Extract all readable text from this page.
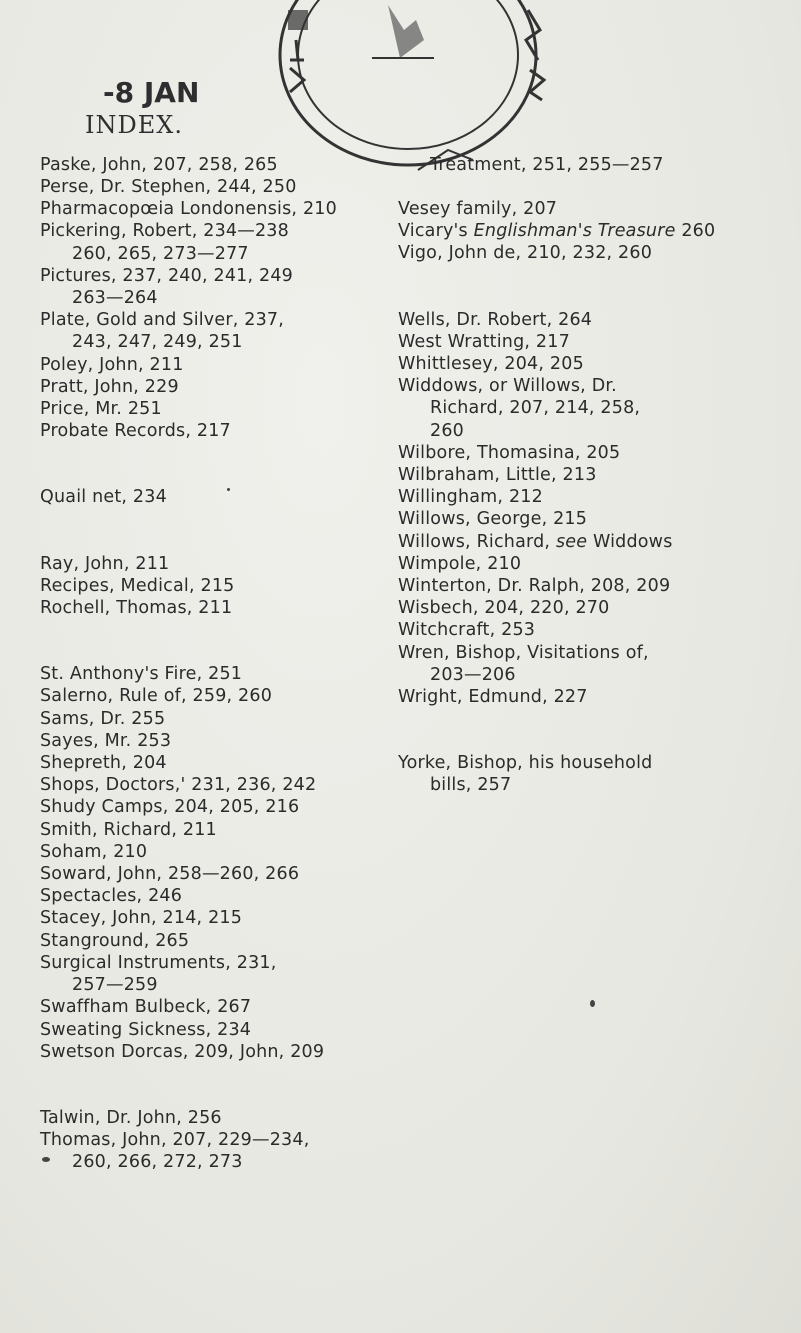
-8 JAN
INDEX.
Paske, John, 207, 258, 265	Treatment, 251, 255—257
Perse, Dr. Stephen, 244, 250
Pharmacopœia Londonensis, 210
Pickering, Robert, 234—238
260, 265, 273—277
Pictures, 237, 240, 241, 249
263—264
Plate, Gold and Silver, 237,
243, 247, 249, 251
Poley, John, 211
Pratt, John, 229
Price, Mr. 251
Probate Records, 217
Quail net, 234
Ray, John, 211
Recipes, Medical, 215
Rochell, Thomas, 211
St. Anthony's Fire, 251
Salerno, Rule of, 259, 260
Sams, Dr. 255
Sayes, Mr. 253
Shepreth, 204
Shops, Doctors,' 231, 236, 242
Shudy Camps, 204, 205, 216
Smith, Richard, 211
Soham, 210
Soward, John, 258—260, 266
Spectacles, 246
Stacey, John, 214, 215
Stanground, 265
Surgical Instruments, 231,
257—259
Swaffham Bulbeck, 267
Sweating Sickness, 234
Swetson Dorcas, 209, John, 209
Talwin, Dr. John, 256
Thomas, John, 207, 229—234,
260, 266, 272, 273
Vesey family, 207
Vicary's Englishman's Treasure 260
Vigo, John de, 210, 232, 260
Wells, Dr. Robert, 264
West Wratting, 217
Whittlesey, 204, 205
Widdows, or Willows, Dr.
Richard, 207, 214, 258,
260
Wilbore, Thomasina, 205
Wilbraham, Little, 213
Willingham, 212
Willows, George, 215
Willows, Richard, see Widdows
Wimpole, 210
Winterton, Dr. Ralph, 208, 209
Wisbech, 204, 220, 270
Witchcraft, 253
Wren, Bishop, Visitations of,
203—206
Wright, Edmund, 227
Yorke, Bishop, his household
bills, 257
